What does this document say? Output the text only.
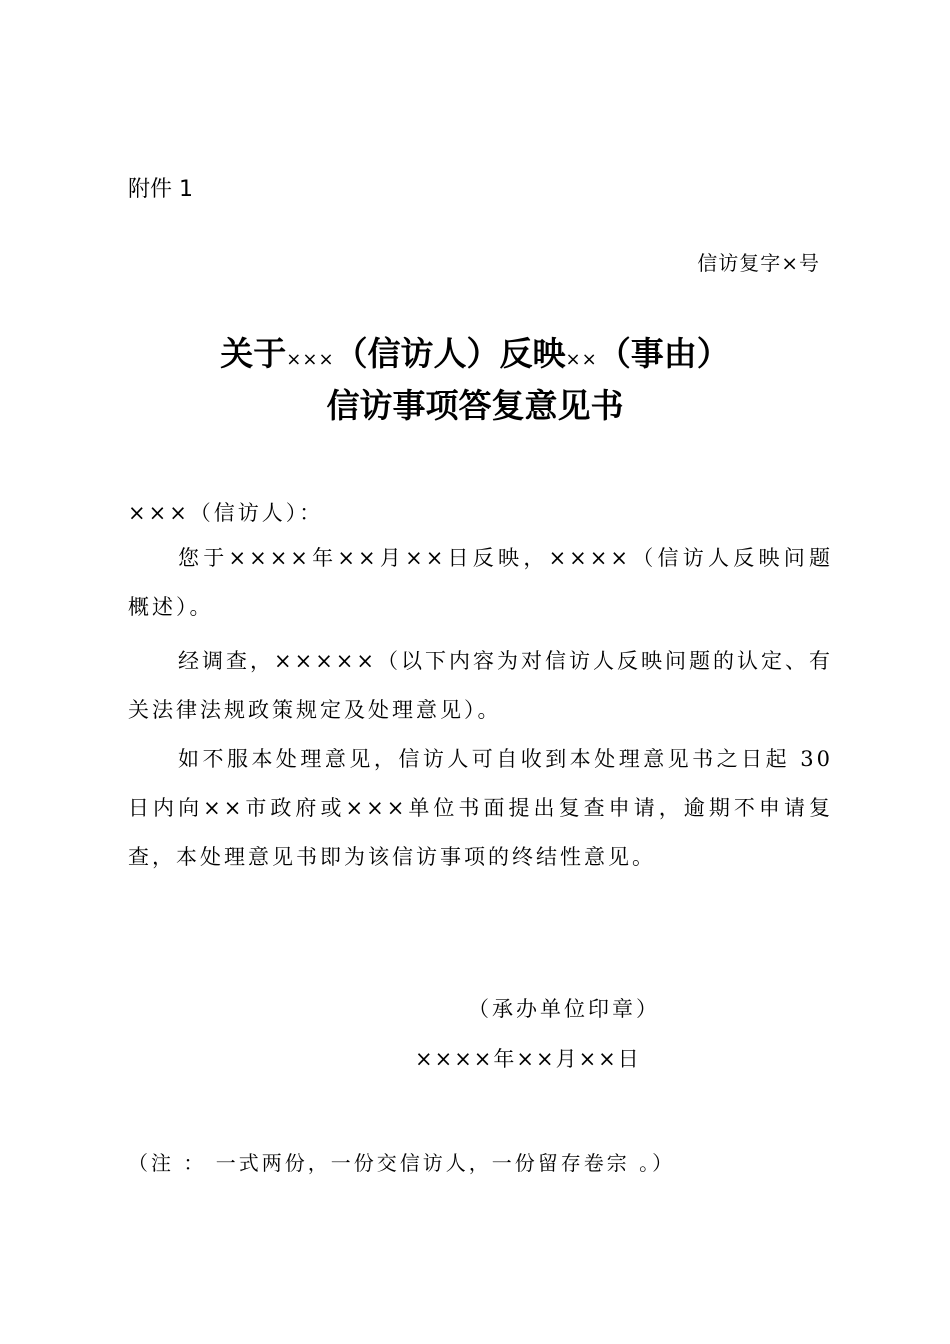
附件 1
信访复字×号
关于×××（信访人）反映××（事由）
信访事项答复意见书
×××（信访人）：
您于××××年××月××日反映，××××（信访人反映问题概述）。
经调查，×××××（以下内容为对信访人反映问题的认定、有关法律法规政策规定及处理意见）。
如不服本处理意见，信访人可自收到本处理意见书之日起 30 日内向××市政府或×××单位书面提出复查申请，逾期不申请复查，本处理意见书即为该信访事项的终结性意见。
（承办单位印章）
××××年××月××日
（注 ： 一式两份，一份交信访人，一份留存卷宗 。）
